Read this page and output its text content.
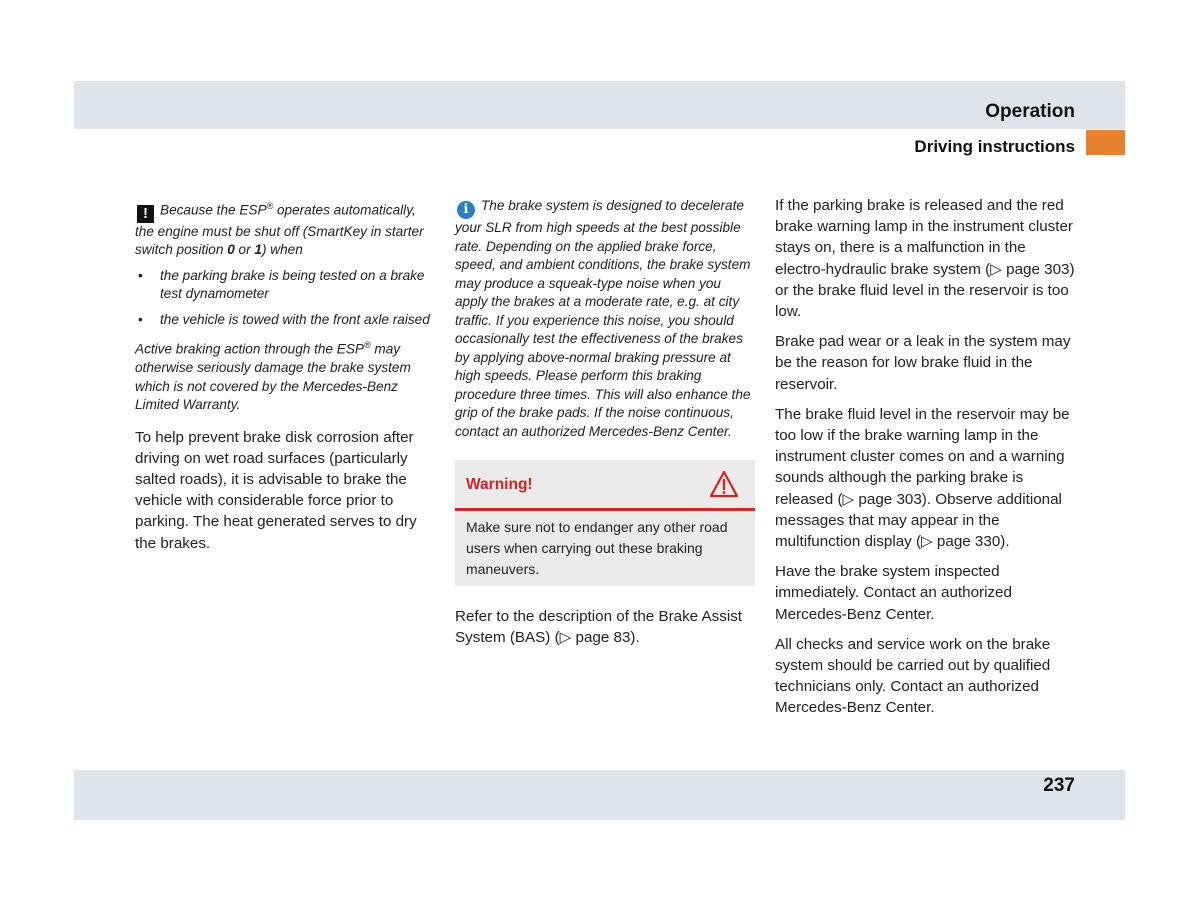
Operation
Driving instructions

! Because the ESP® operates automatically, the engine must be shut off (SmartKey in starter switch position 0 or 1) when

• the parking brake is being tested on a brake test dynamometer
• the vehicle is towed with the front axle raised

Active braking action through the ESP® may otherwise seriously damage the brake system which is not covered by the Mercedes-Benz Limited Warranty.

To help prevent brake disk corrosion after driving on wet road surfaces (particularly salted roads), it is advisable to brake the vehicle with considerable force prior to parking. The heat generated serves to dry the brakes.

i The brake system is designed to decelerate your SLR from high speeds at the best possible rate. Depending on the applied brake force, speed, and ambient conditions, the brake system may produce a squeak-type noise when you apply the brakes at a moderate rate, e.g. at city traffic. If you experience this noise, you should occasionally test the effectiveness of the brakes by applying above-normal braking pressure at high speeds. Please perform this braking procedure three times. This will also enhance the grip of the brake pads. If the noise continuous, contact an authorized Mercedes-Benz Center.

Warning!
Make sure not to endanger any other road users when carrying out these braking maneuvers.

Refer to the description of the Brake Assist System (BAS) (▷ page 83).

If the parking brake is released and the red brake warning lamp in the instrument cluster stays on, there is a malfunction in the electro-hydraulic brake system (▷ page 303) or the brake fluid level in the reservoir is too low.

Brake pad wear or a leak in the system may be the reason for low brake fluid in the reservoir.

The brake fluid level in the reservoir may be too low if the brake warning lamp in the instrument cluster comes on and a warning sounds although the parking brake is released (▷ page 303). Observe additional messages that may appear in the multifunction display (▷ page 330).

Have the brake system inspected immediately. Contact an authorized Mercedes-Benz Center.

All checks and service work on the brake system should be carried out by qualified technicians only. Contact an authorized Mercedes-Benz Center.

237
